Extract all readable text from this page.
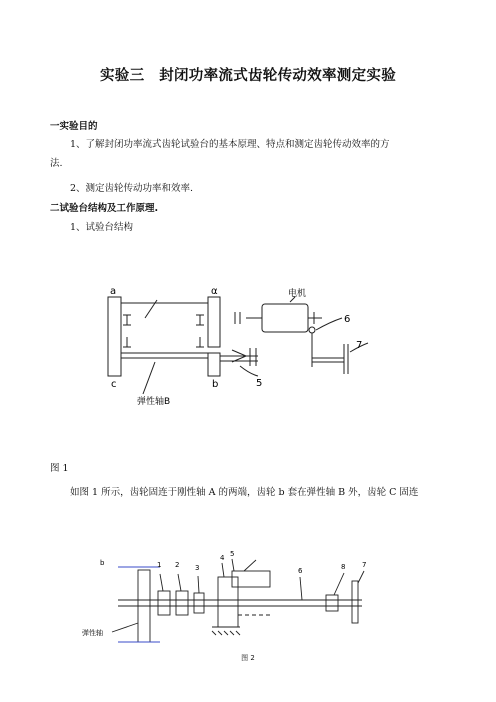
实验三　封闭功率流式齿轮传动效率测定实验
一实验目的
1、了解封闭功率流式齿轮试验台的基本原理、特点和测定齿轮传动效率的方
法.
2、测定齿轮传动功率和效率.
二试验台结构及工作原理.
1、试验台结构
a	α
c	b
电机
5
6
7
弹性轴B
图 1
如图 1 所示，齿轮固连于刚性轴 A 的两端，齿轮 b 套在弹性轴 B 外，齿轮 C 固连
b	1 2 3
4 5
6	8 7
弹性轴
图 2
